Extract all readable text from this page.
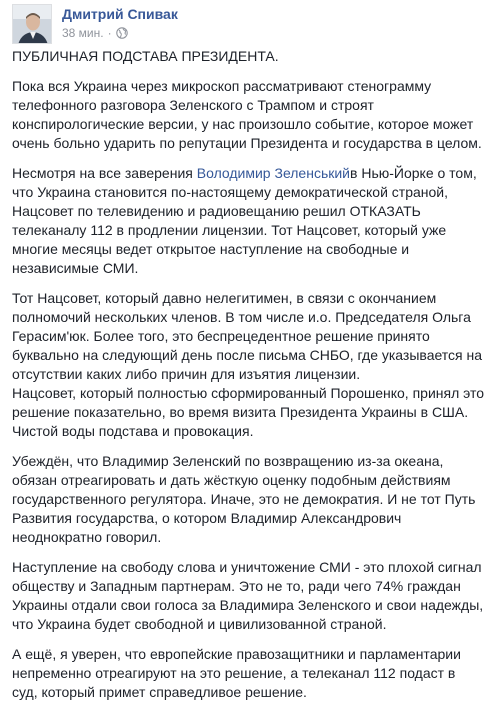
Дмитрий Спивак
38 мин. ·

ПУБЛИЧНАЯ ПОДСТАВА ПРЕЗИДЕНТА.

Пока вся Украина через микроскоп рассматривают стенограмму телефонного разговора Зеленского с Трампом и строят конспирологические версии, у нас произошло событие, которое может очень больно ударить по репутации Президента и государства в целом.

Несмотря на все заверения Володимир Зеленськийв Нью-Йорке о том, что Украина становится по-настоящему демократической страной, Нацсовет по телевидению и радиовещанию решил ОТКАЗАТЬ телеканалу 112 в продлении лицензии. Тот Нацсовет, который уже многие месяцы ведет открытое наступление на свободные и независимые СМИ.

Тот Нацсовет, который давно нелегитимен, в связи с окончанием полномочий нескольких членов. В том числе и.о. Председателя Ольга Герасим'юк. Более того, это беспрецедентное решение принято буквально на следующий день после письма СНБО, где указывается на отсутствии каких либо причин для изъятия лицензии.
Нацсовет, который полностью сформированный Порошенко, принял это решение показательно, во время визита Президента Украины в США. Чистой воды подстава и провокация.

Убеждён, что Владимир Зеленский по возвращению из-за океана, обязан отреагировать и дать жёсткую оценку подобным действиям государственного регулятора. Иначе, это не демократия. И не тот Путь Развития государства, о котором Владимир Александрович неоднократно говорил.

Наступление на свободу слова и уничтожение СМИ - это плохой сигнал обществу и Западным партнерам. Это не то, ради чего 74% граждан Украины отдали свои голоса за Владимира Зеленского и свои надежды, что Украина будет свободной и цивилизованной страной.

А ещё, я уверен, что европейские правозащитники и парламентарии непременно отреагируют на это решение, а телеканал 112 подаст в суд, который примет справедливое решение.
